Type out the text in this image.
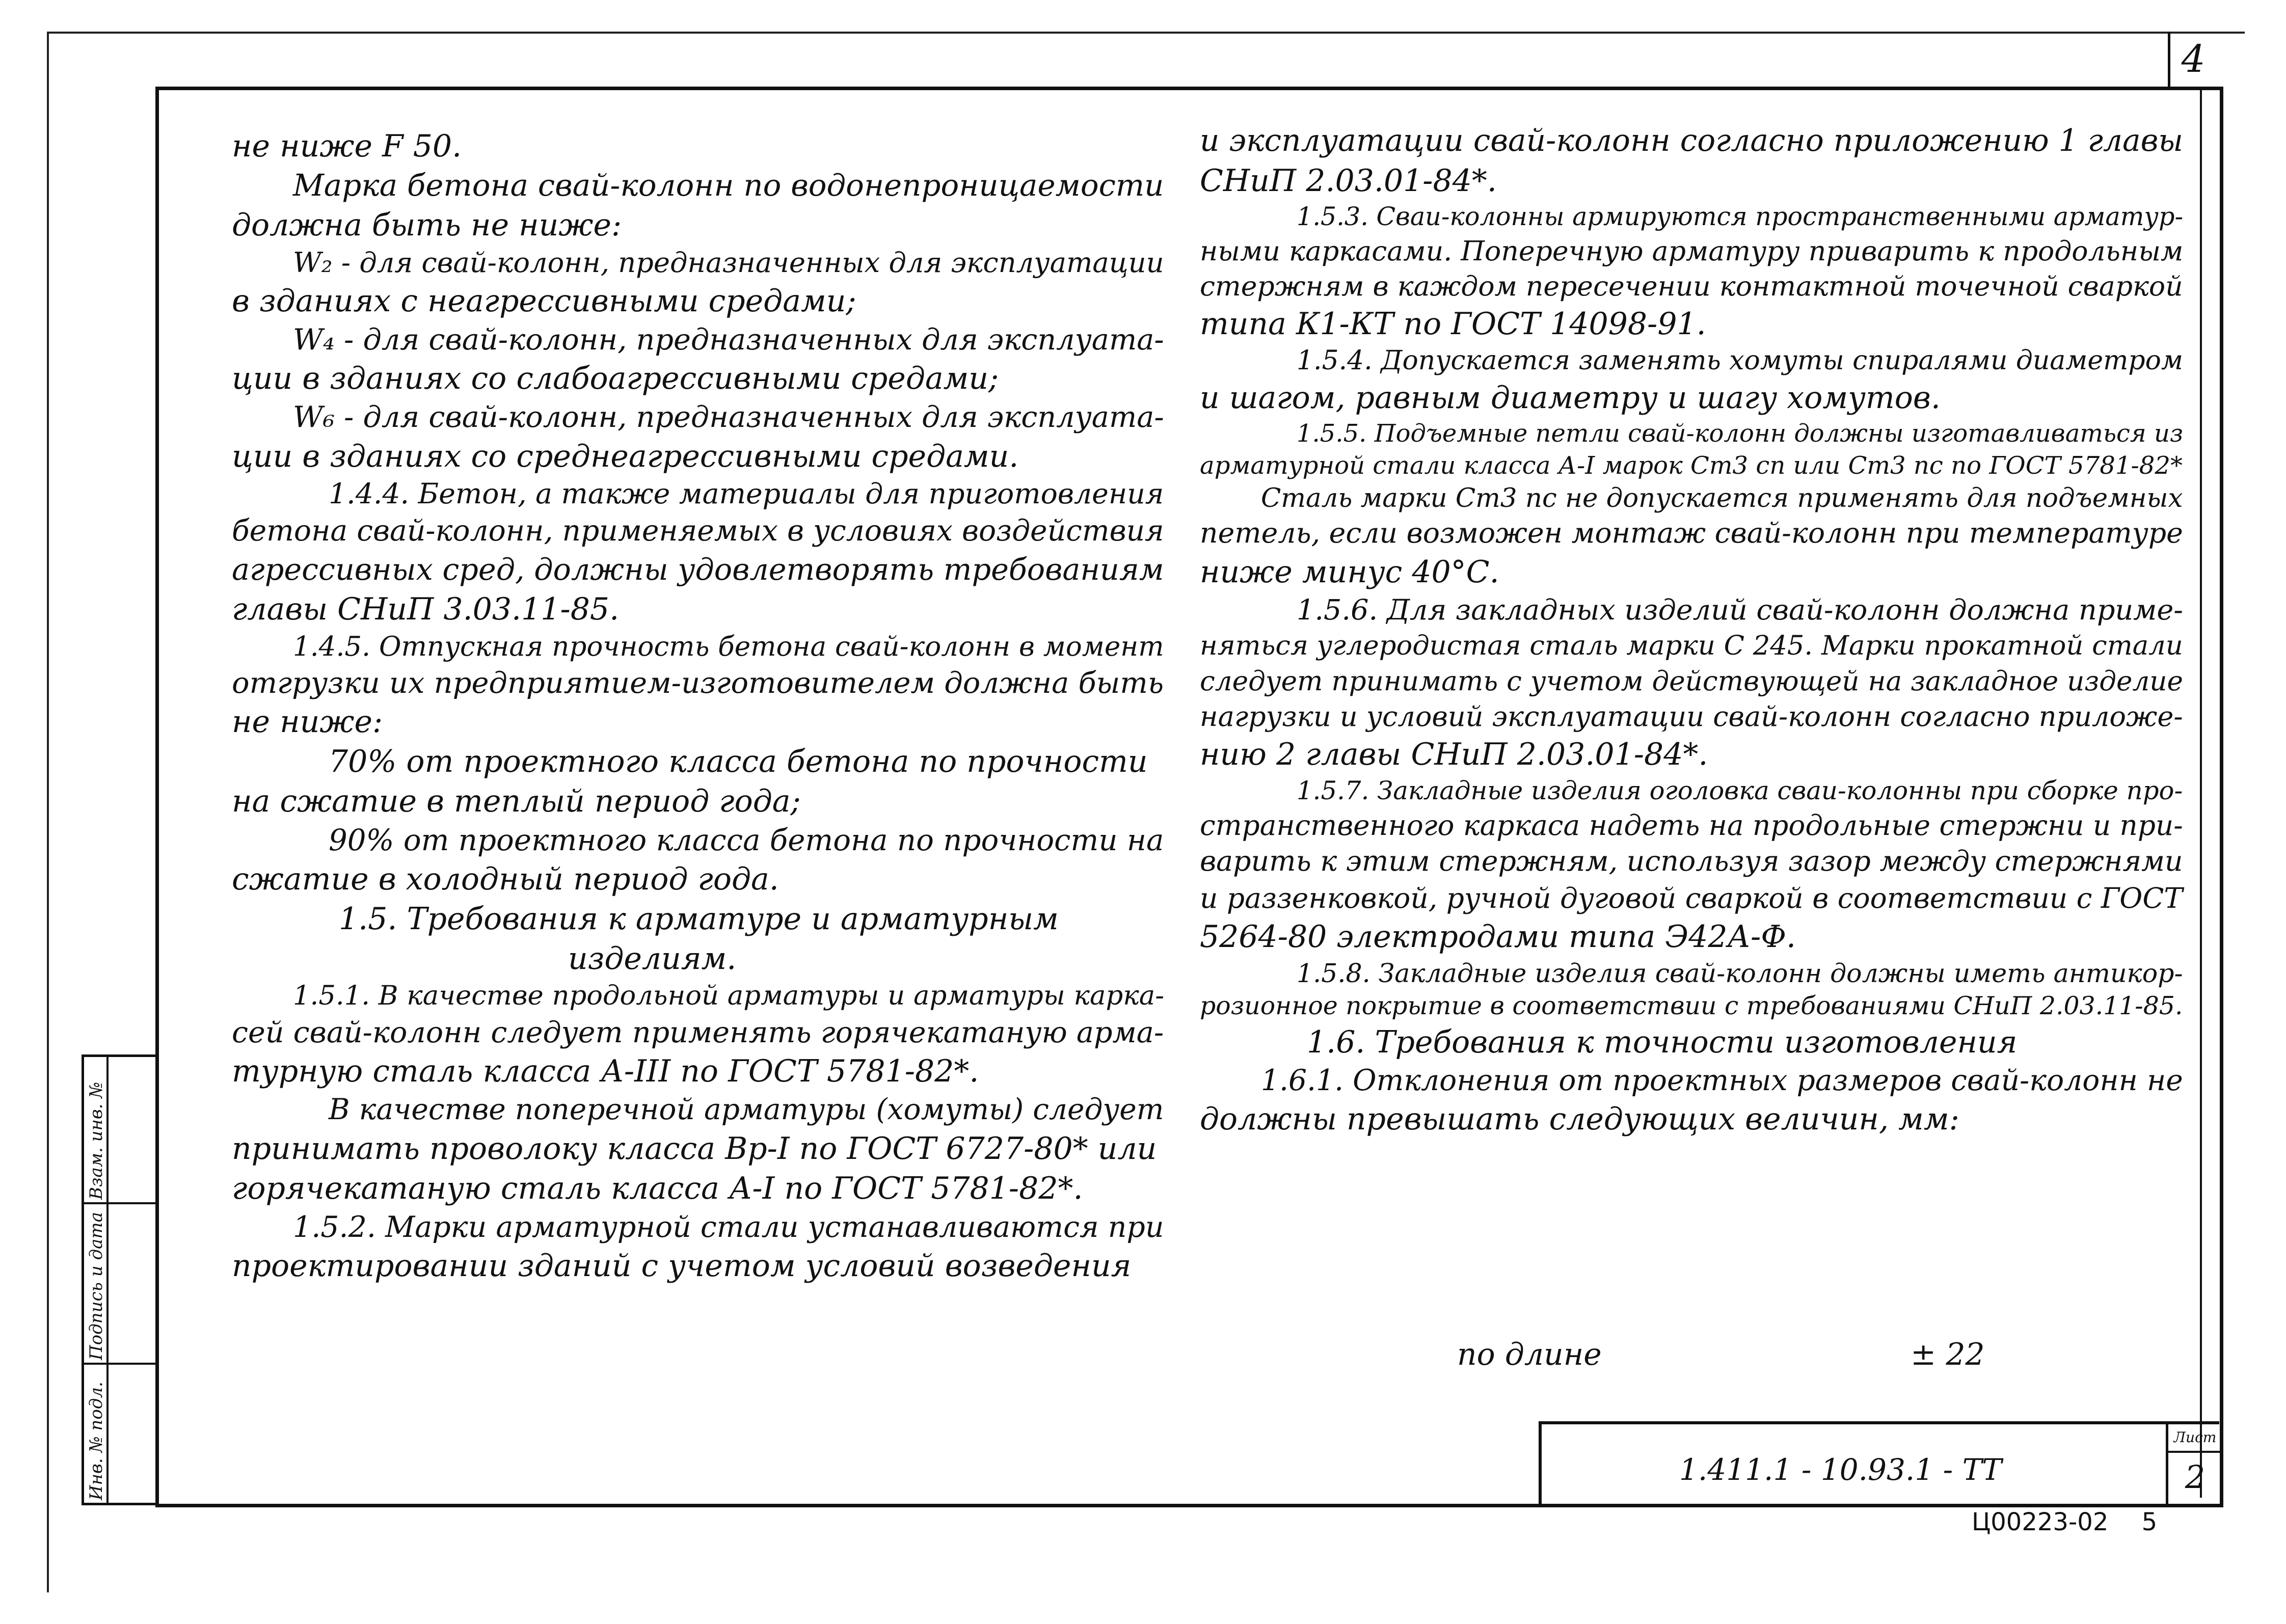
4
Инв. № подл.
Подпись и дата
Взам. инв. №

не ниже F 50.

Марка бетона свай-колонн по водонепроницаемости

должна быть не ниже:

W₂ - для свай-колонн, предназначенных для эксплуатации

в зданиях с неагрессивными средами;

W₄ - для свай-колонн, предназначенных для эксплуата-

ции в зданиях со слабоагрессивными средами;

W₆ - для свай-колонн, предназначенных для эксплуата-

ции в зданиях со среднеагрессивными средами.

1.4.4. Бетон, а также материалы для приготовления

бетона свай-колонн, применяемых в условиях воздействия

агрессивных сред, должны удовлетворять требованиям

главы СНиП 3.03.11-85.

1.4.5. Отпускная прочность бетона свай-колонн в момент

отгрузки их предприятием-изготовителем должна быть

не ниже:

70% от проектного класса бетона по прочности

на сжатие в теплый период года;

90% от проектного класса бетона по прочности на

сжатие в холодный период года.

1.5. Требования к арматуре и арматурным

изделиям.

1.5.1. В качестве продольной арматуры и арматуры карка-

сей свай-колонн следует применять горячекатаную арма-

турную сталь класса А-III по ГОСТ 5781-82*.

В качестве поперечной арматуры (хомуты) следует

принимать проволоку класса Вр-I по ГОСТ 6727-80* или

горячекатаную сталь класса А-I по ГОСТ 5781-82*.

1.5.2. Марки арматурной стали устанавливаются при

проектировании зданий с учетом условий возведения

и эксплуатации свай-колонн согласно приложению 1 главы

СНиП 2.03.01-84*.

1.5.3. Сваи-колонны армируются пространственными арматур-

ными каркасами. Поперечную арматуру приварить к продольным

стержням в каждом пересечении контактной точечной сваркой

типа К1-КТ по ГОСТ 14098-91.

1.5.4. Допускается заменять хомуты спиралями диаметром

и шагом, равным диаметру и шагу хомутов.

1.5.5. Подъемные петли свай-колонн должны изготавливаться из

арматурной стали класса А-I марок Ст3 сп или Ст3 пс по ГОСТ 5781-82*

Сталь марки Ст3 пс не допускается применять для подъемных

петель, если возможен монтаж свай-колонн при температуре

ниже минус 40°С.

1.5.6. Для закладных изделий свай-колонн должна приме-

няться углеродистая сталь марки С 245. Марки прокатной стали

следует принимать с учетом действующей на закладное изделие

нагрузки и условий эксплуатации свай-колонн согласно приложе-

нию 2 главы СНиП 2.03.01-84*.

1.5.7. Закладные изделия оголовка сваи-колонны при сборке про-

странственного каркаса надеть на продольные стержни и при-

варить к этим стержням, используя зазор между стержнями

и раззенковкой, ручной дуговой сваркой в соответствии с ГОСТ

5264-80 электродами типа Э42А-Ф.

1.5.8. Закладные изделия свай-колонн должны иметь антикор-

розионное покрытие в соответствии с требованиями СНиП 2.03.11-85.

1.6. Требования к точности изготовления

1.6.1. Отклонения от проектных размеров свай-колонн не

должны превышать следующих величин, мм:

по длине	± 22
1.411.1 - 10.93.1 - ТТ
Лист
2
Ц00223-02 5
